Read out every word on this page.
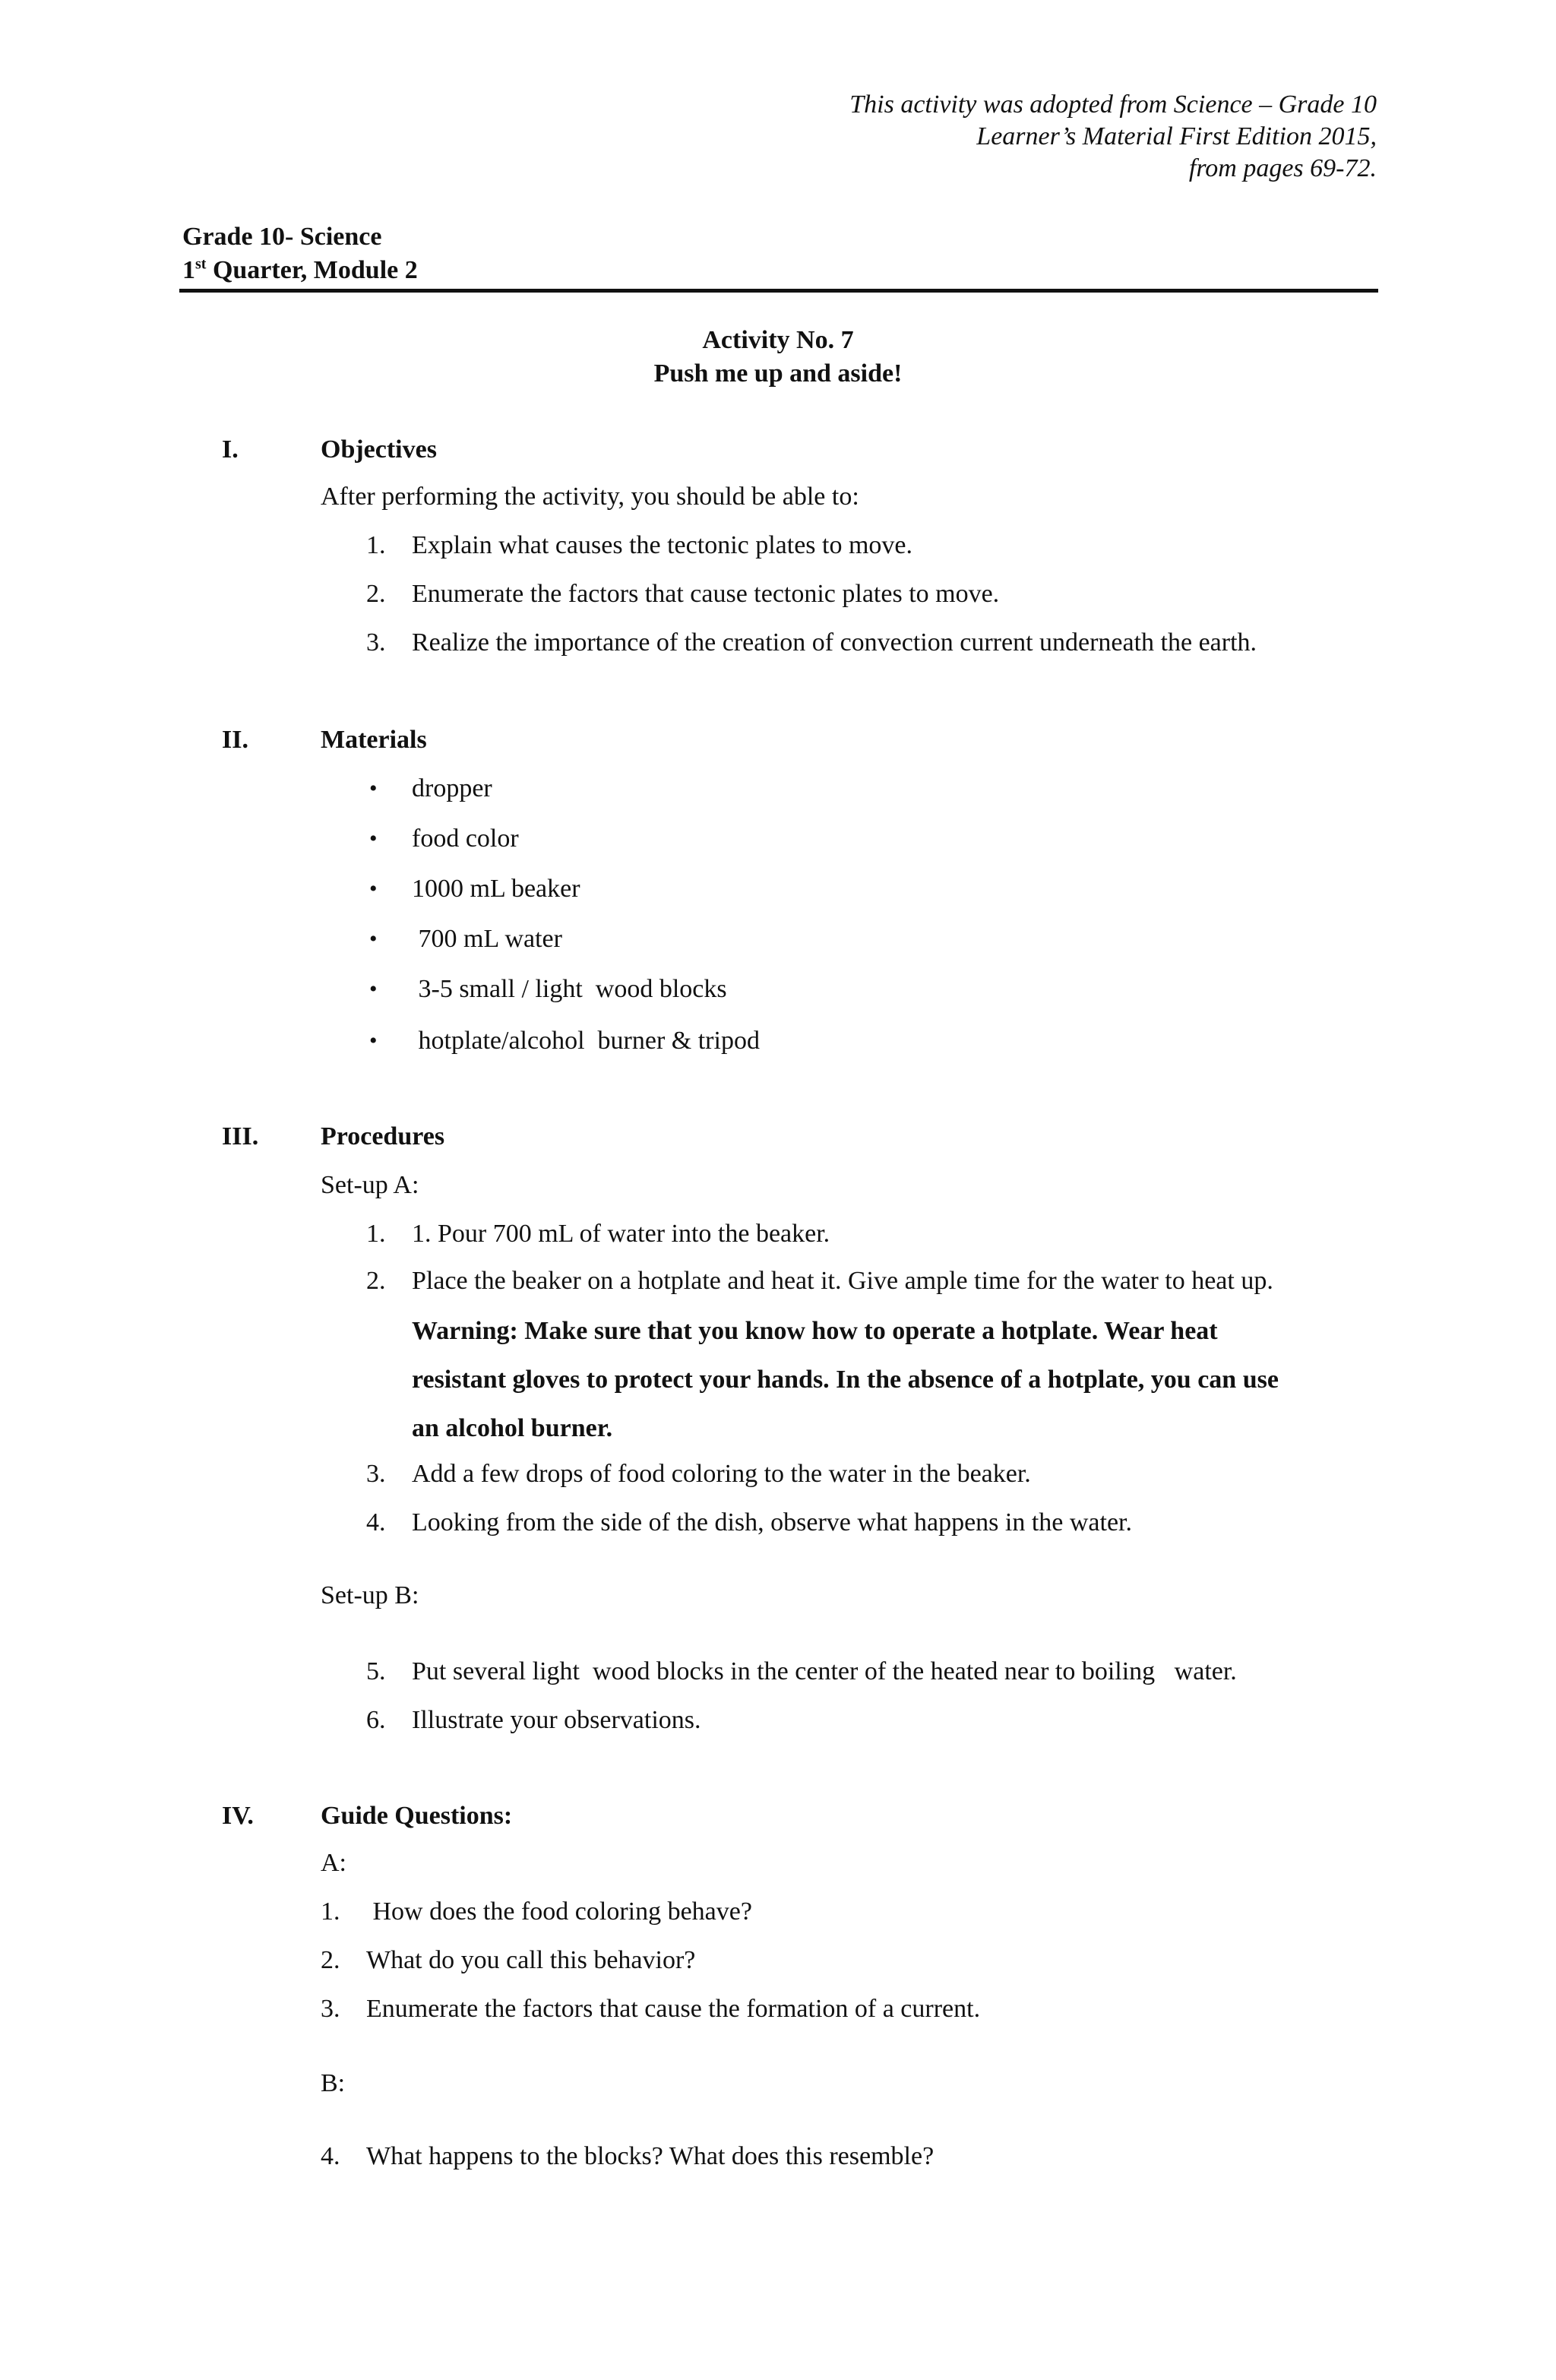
This activity was adopted from Science – Grade 10
Learner’s Material First Edition 2015,
from pages 69-72.
Grade 10- Science
1st Quarter, Module 2
Activity No. 7
Push me up and aside!
I.	Objectives
After performing the activity, you should be able to:
1. Explain what causes the tectonic plates to move.
2. Enumerate the factors that cause tectonic plates to move.
3. Realize the importance of the creation of convection current underneath the earth.
II.	Materials
• dropper
• food color
• 1000 mL beaker
• 700 mL water
• 3-5 small / light  wood blocks
• hotplate/alcohol  burner & tripod
III. Procedures
Set-up A:
1. 1. Pour 700 mL of water into the beaker.
2. Place the beaker on a hotplate and heat it. Give ample time for the water to heat up.
Warning: Make sure that you know how to operate a hotplate. Wear heat
resistant gloves to protect your hands. In the absence of a hotplate, you can use
an alcohol burner.
3. Add a few drops of food coloring to the water in the beaker.
4. Looking from the side of the dish, observe what happens in the water.
Set-up B:
5. Put several light  wood blocks in the center of the heated near to boiling   water.
6. Illustrate your observations.
IV.	Guide Questions:
A:
1. How does the food coloring behave?
2. What do you call this behavior?
3. Enumerate the factors that cause the formation of a current.
B:
4. What happens to the blocks? What does this resemble?
